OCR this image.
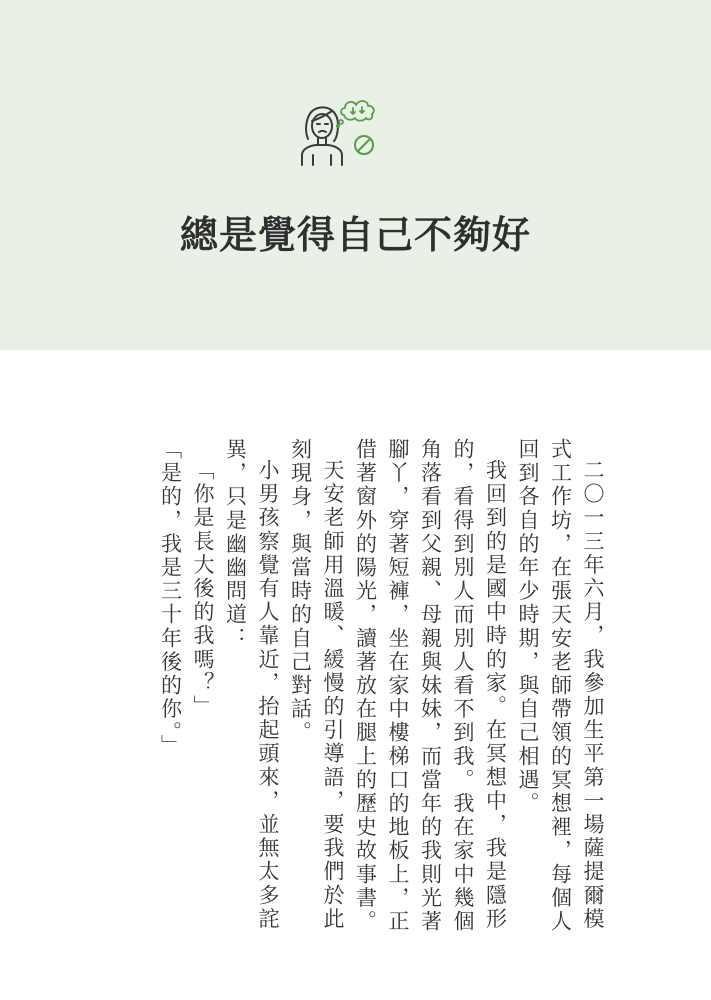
總是覺得自己不夠好

二〇一三年六月，我參加生平第一場薩提爾模式工作坊，在張天安老師帶領的冥想裡，每個人回到各自的年少時期，與自己相遇。

我回到的是國中時的家。在冥想中，我是隱形的，看得到別人而別人看不到我。我在家中幾個角落看到父親、母親與妹妹，而當年的我則光著腳丫，穿著短褲，坐在家中樓梯口的地板上，正借著窗外的陽光，讀著放在腿上的歷史故事書。

天安老師用溫暖、緩慢的引導語，要我們於此刻現身，與當時的自己對話。

小男孩察覺有人靠近，抬起頭來，並無太多詫異，只是幽幽問道：

「你是長大後的我嗎？」

「是的，我是三十年後的你。」
